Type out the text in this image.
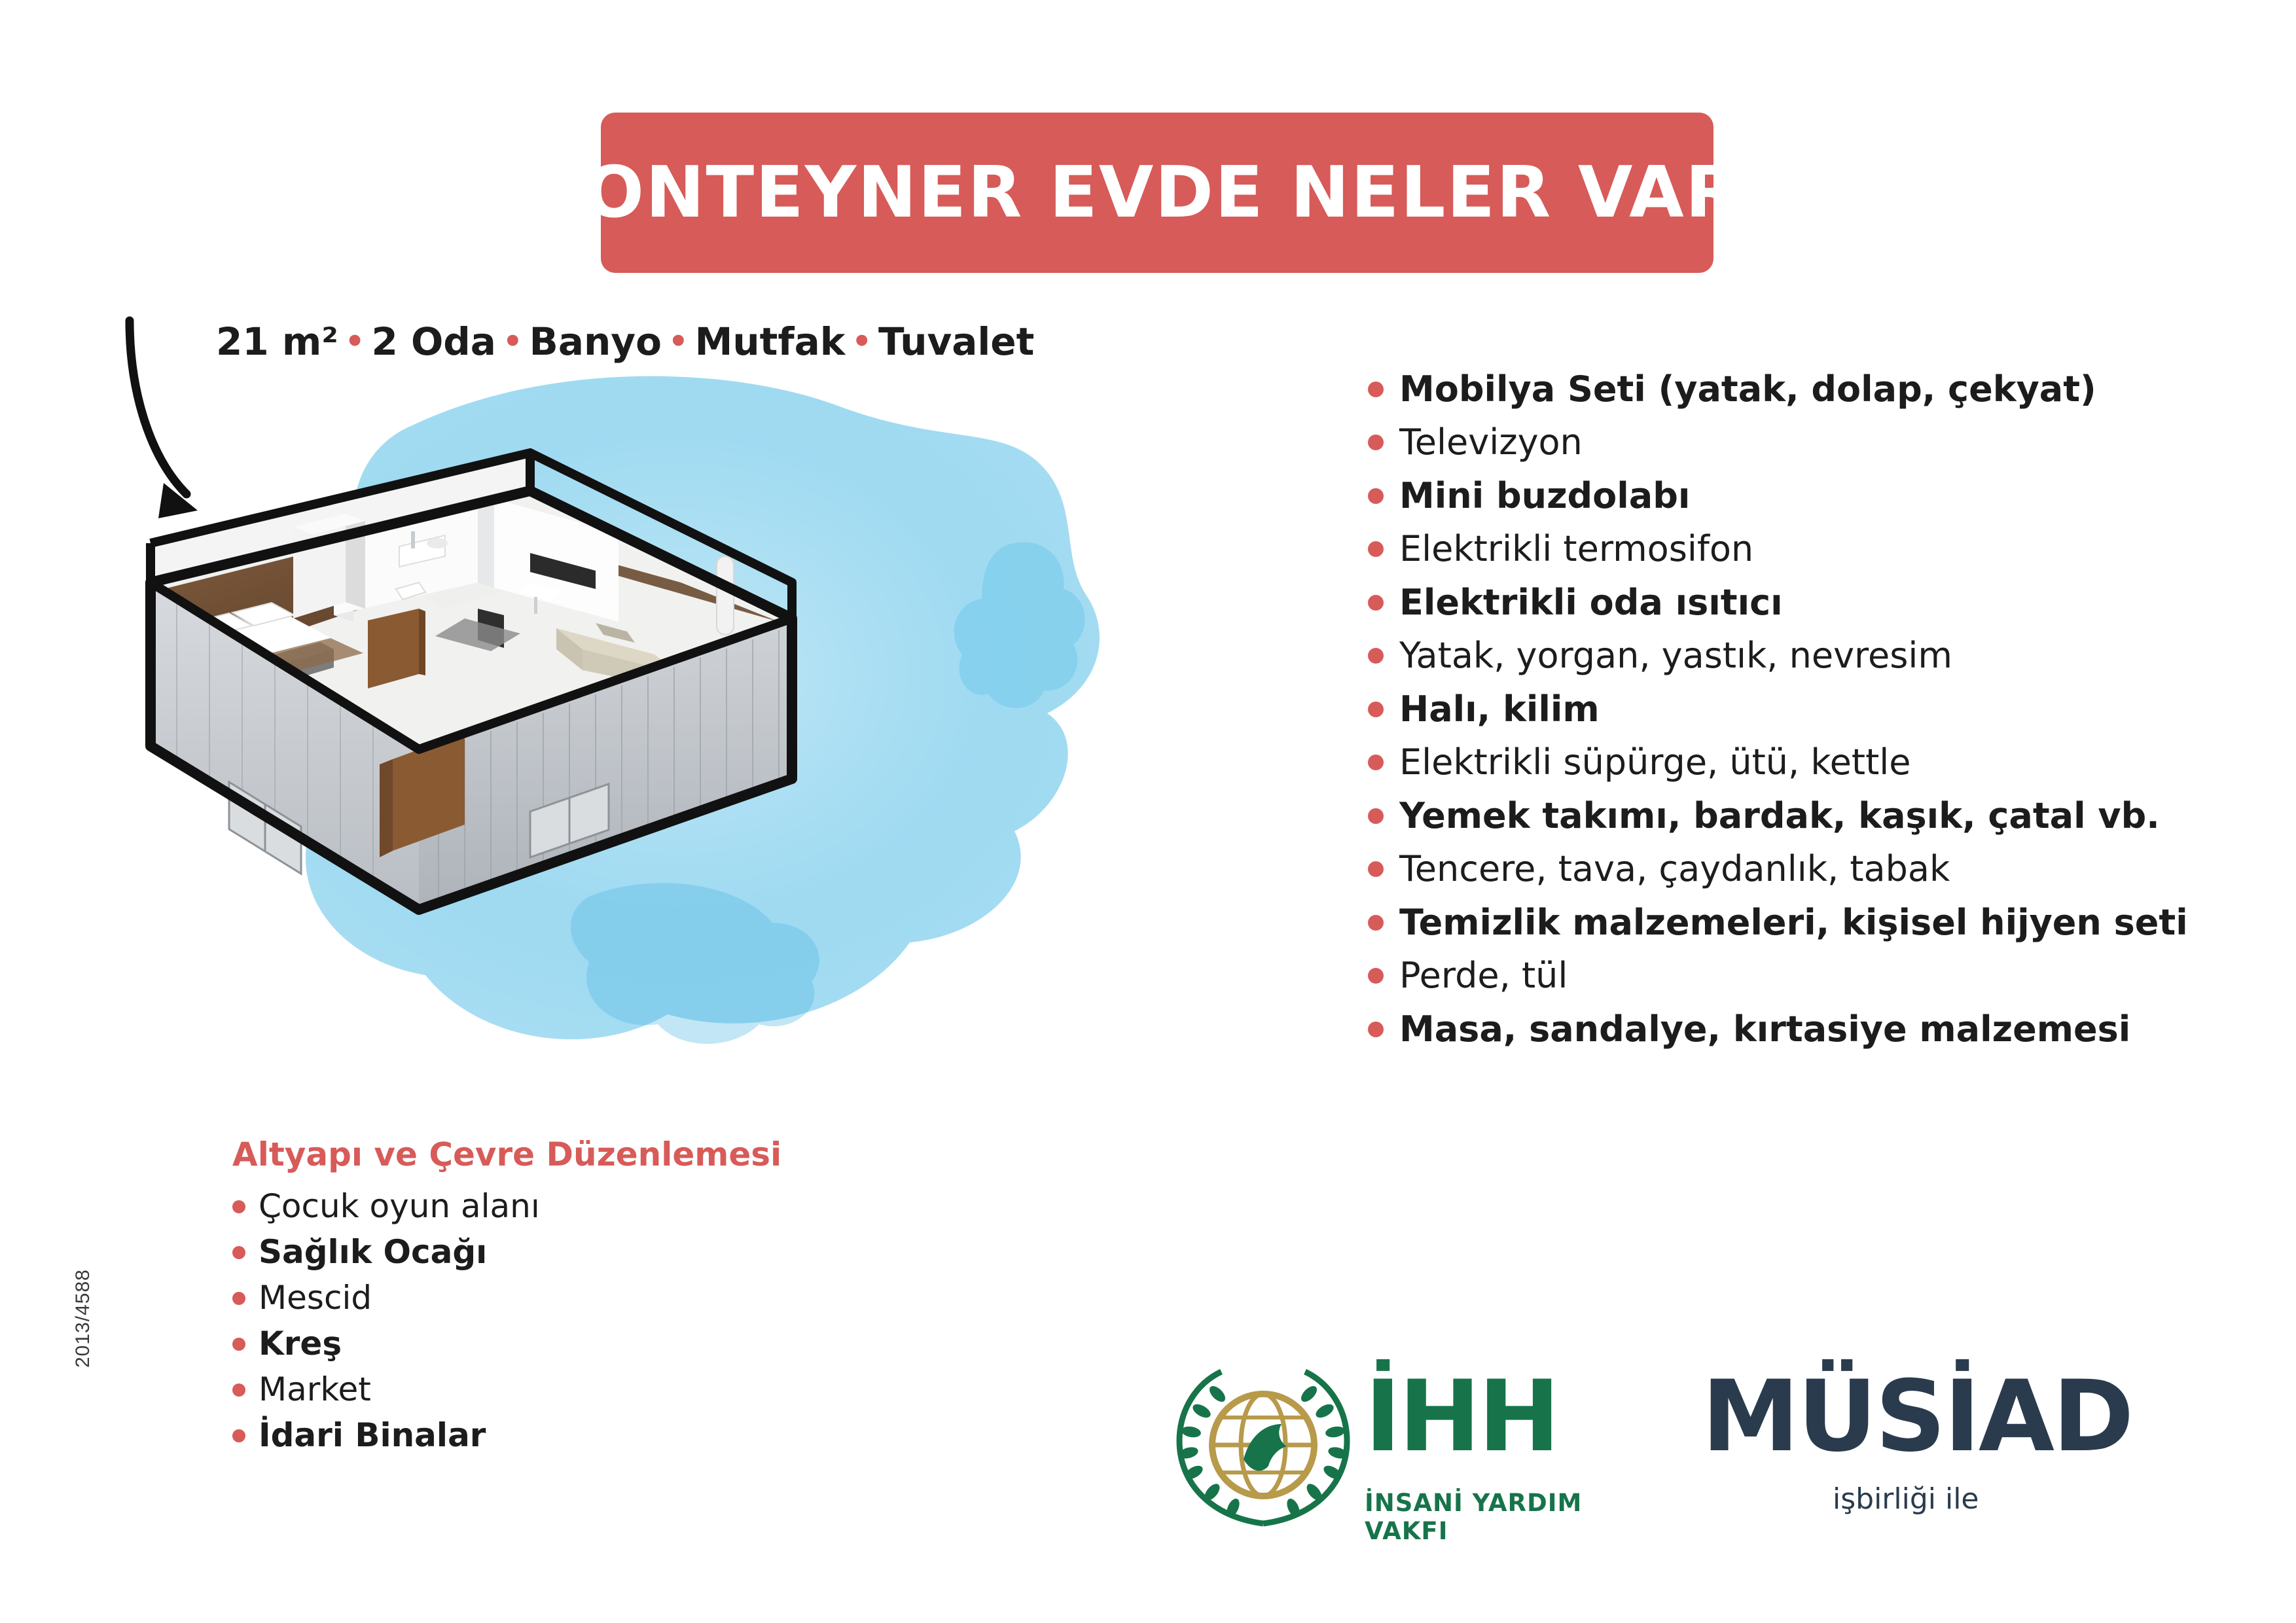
KONTEYNER EVDE NELER VAR?
21 m² • 2 Oda • Banyo • Mutfak • Tuvalet
Mobilya Seti (yatak, dolap, çekyat)
Televizyon
Mini buzdolabı
Elektrikli termosifon
Elektrikli oda ısıtıcı
Yatak, yorgan, yastık, nevresim
Halı, kilim
Elektrikli süpürge, ütü, kettle
Yemek takımı, bardak, kaşık, çatal vb.
Tencere, tava, çaydanlık, tabak
Temizlik malzemeleri, kişisel hijyen seti
Perde, tül
Masa, sandalye, kırtasiye malzemesi
Altyapı ve Çevre Düzenlemesi
Çocuk oyun alanı
Sağlık Ocağı
Mescid
Kreş
Market
İdari Binalar
2013/4588
İHH
İNSANİ YARDIM VAKFI
MÜSİAD
işbirliği ile
